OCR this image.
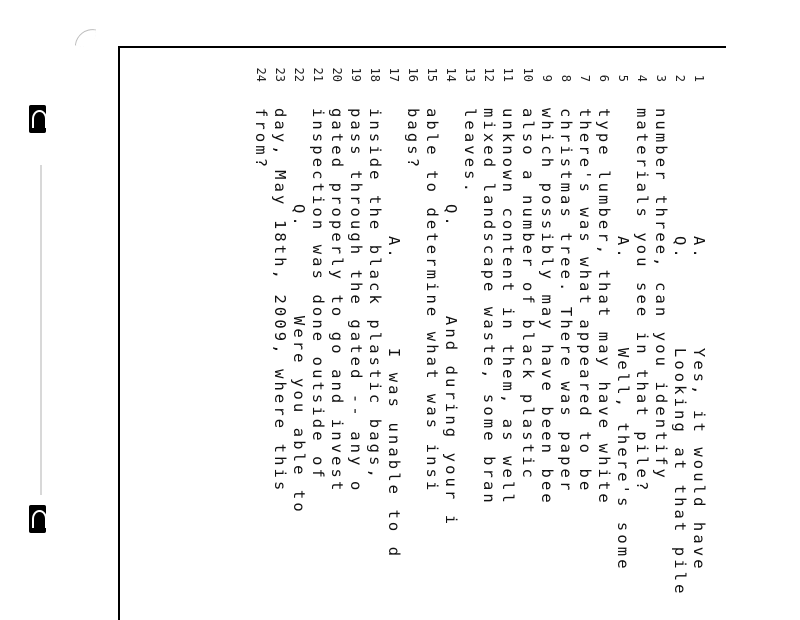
1
A.       Yes, it would have
2
Q.       Looking at that pile
3
number three, can you identify
4
materials you see in that pile?
5
A.       Well, there's some
6
type lumber, that may have white
7
there's was what appeared to be
8
christmas tree. There was paper
9
which possibly may have been bee
10
also a number of black plastic
11
unknown content in them, as well
12
mixed landscape waste, some bran
13
leaves.
14
Q.       And during your i
15
able to determine what was insi
16
bags?
17
A.       I was unable to d
18
inside the black plastic bags,
19
pass through the gated -- any o
20
gated properly to go and invest
21
inspection was done outside of
22
Q.       Were you able to
23
day, May 18th, 2009, where this
24
from?
